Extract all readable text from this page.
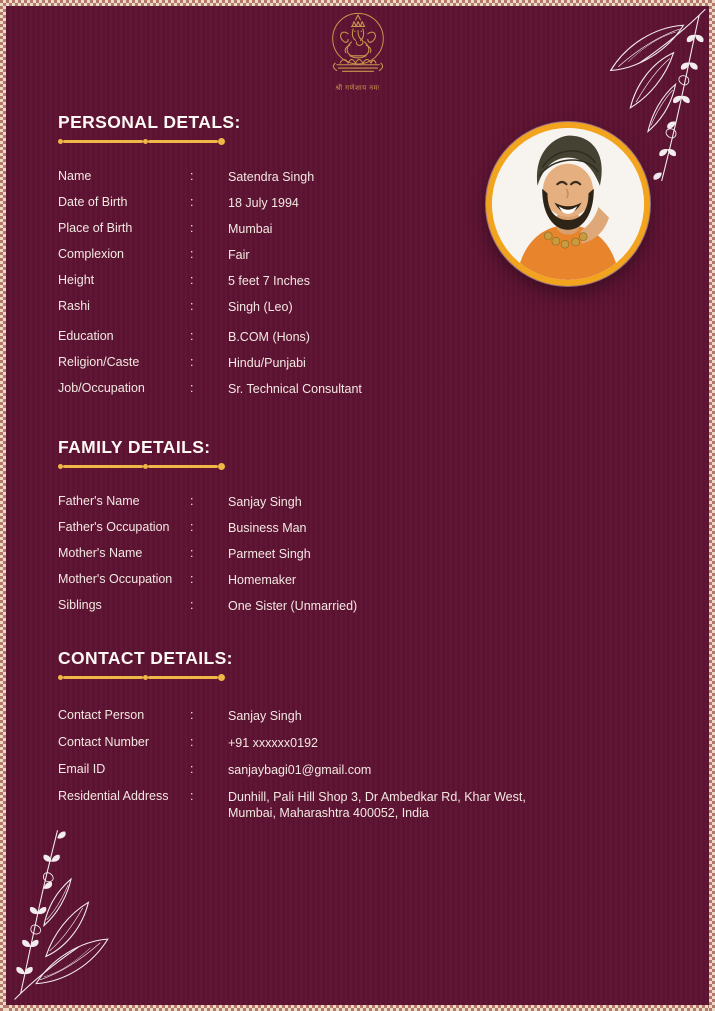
श्री गणेशाय नमः
PERSONAL DETALS:
Name	:	Satendra Singh
Date of Birth	:	18 July 1994
Place of Birth	:	Mumbai
Complexion	:	Fair
Height	:	5 feet 7 Inches
Rashi	:	Singh (Leo)
Education	:	B.COM (Hons)
Religion/Caste	:	Hindu/Punjabi
Job/Occupation	:	Sr. Technical Consultant
FAMILY DETAILS:
Father's Name	:	Sanjay Singh
Father's Occupation	:	Business Man
Mother's Name	:	Parmeet Singh
Mother's Occupation	:	Homemaker
Siblings	:	One Sister (Unmarried)
CONTACT DETAILS:
Contact Person	:	Sanjay Singh
Contact Number	:	+91 xxxxxx0192
Email ID	:	sanjaybagi01@gmail.com
Residential Address	:	Dunhill, Pali Hill Shop 3, Dr Ambedkar Rd, Khar West, Mumbai, Maharashtra 400052, India
